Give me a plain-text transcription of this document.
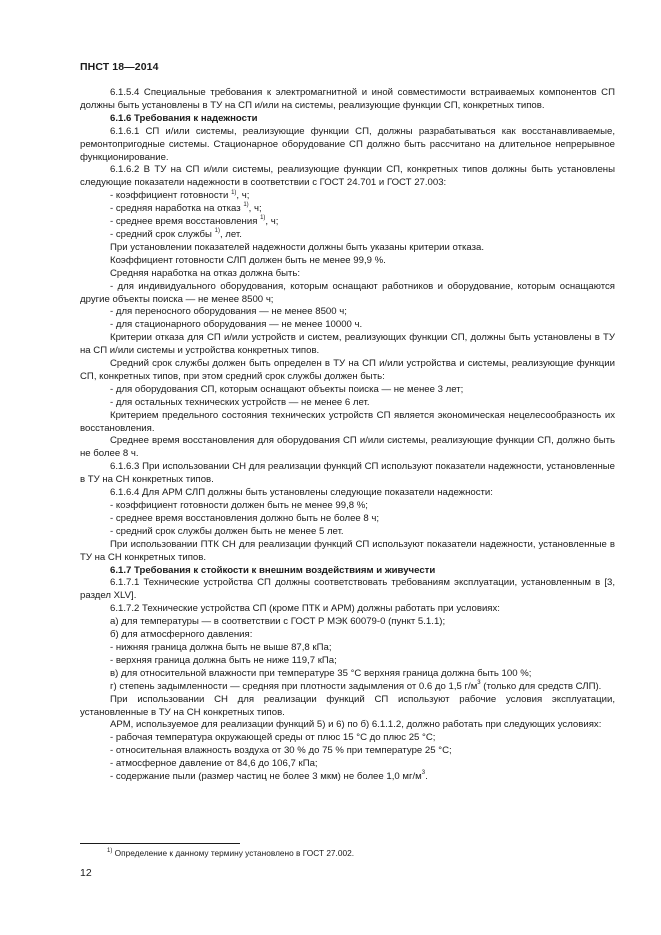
ПНСТ 18—2014

6.1.5.4 Специальные требования к электромагнитной и иной совместимости встраиваемых компонентов СП должны быть установлены в ТУ на СП и/или на системы, реализующие функции СП, конкретных типов.

6.1.6 Требования к надежности

6.1.6.1 СП и/или системы, реализующие функции СП, должны разрабатываться как восстанавливаемые, ремонтопригодные системы. Стационарное оборудование СП должно быть рассчитано на длительное непрерывное функционирование.

6.1.6.2 В ТУ на СП и/или системы, реализующие функции СП, конкретных типов должны быть установлены следующие показатели надежности в соответствии с ГОСТ 24.701 и ГОСТ 27.003:

- коэффициент готовности $^{1)}$, ч;

- средняя наработка на отказ $^{1)}$, ч;

- среднее время восстановления $^{1)}$, ч;

- средний срок службы $^{1)}$, лет.

При установлении показателей надежности должны быть указаны критерии отказа.

Коэффициент готовности СЛП должен быть не менее 99,9 %.

Средняя наработка на отказ должна быть:

- для индивидуального оборудования, которым оснащают работников и оборудование, которым оснащаются другие объекты поиска — не менее 8500 ч;

- для переносного оборудования — не менее 8500 ч;

- для стационарного оборудования — не менее 10000 ч.

Критерии отказа для СП и/или устройств и систем, реализующих функции СП, должны быть установлены в ТУ на СП и/или системы и устройства конкретных типов.

Средний срок службы должен быть определен в ТУ на СП и/или устройства и системы, реализующие функции СП, конкретных типов, при этом средний срок службы должен быть:

- для оборудования СП, которым оснащают объекты поиска — не менее 3 лет;

- для остальных технических устройств — не менее 6 лет.

Критерием предельного состояния технических устройств СП является экономическая нецелесообразность их восстановления.

Среднее время восстановления для оборудования СП и/или системы, реализующие функции СП, должно быть не более 8 ч.

6.1.6.3 При использовании СН для реализации функций СП используют показатели надежности, установленные в ТУ на СН конкретных типов.

6.1.6.4 Для АРМ СЛП должны быть установлены следующие показатели надежности:

- коэффициент готовности должен быть не менее 99,8 %;

- среднее время восстановления должно быть не более 8 ч;

- средний срок службы должен быть не менее 5 лет.

При использовании ПТК СН для реализации функций СП используют показатели надежности, установленные в ТУ на СН конкретных типов.

6.1.7 Требования к стойкости к внешним воздействиям и живучести

6.1.7.1 Технические устройства СП должны соответствовать требованиям эксплуатации, установленным в [3, раздел XLV].

6.1.7.2 Технические устройства СП (кроме ПТК и АРМ) должны работать при условиях:

а) для температуры — в соответствии с ГОСТ Р МЭК 60079-0 (пункт 5.1.1);

б) для атмосферного давления:

- нижняя граница должна быть не выше 87,8 кПа;

- верхняя граница должна быть не ниже 119,7 кПа;

в) для относительной влажности при температуре 35 °С верхняя граница должна быть 100 %;

г) степень задымленности — средняя при плотности задымления от 0.6 до 1,5 $г/м^3$ (только для средств СЛП).

При использовании СН для реализации функций СП используют рабочие условия эксплуатации, установленные в ТУ на СН конкретных типов.

АРМ, используемое для реализации функций 5) и 6) по б) 6.1.1.2, должно работать при следующих условиях:

- рабочая температура окружающей среды от плюс 15 °С до плюс 25 °С;

- относительная влажность воздуха от 30 % до 75 % при температуре 25 °С;

- атмосферное давление от 84,6 до 106,7 кПа;

- содержание пыли (размер частиц не более 3 мкм) не более 1,0 $мг/м^3$.

$^{1)}$ Определение к данному термину установлено в ГОСТ 27.002.
12
